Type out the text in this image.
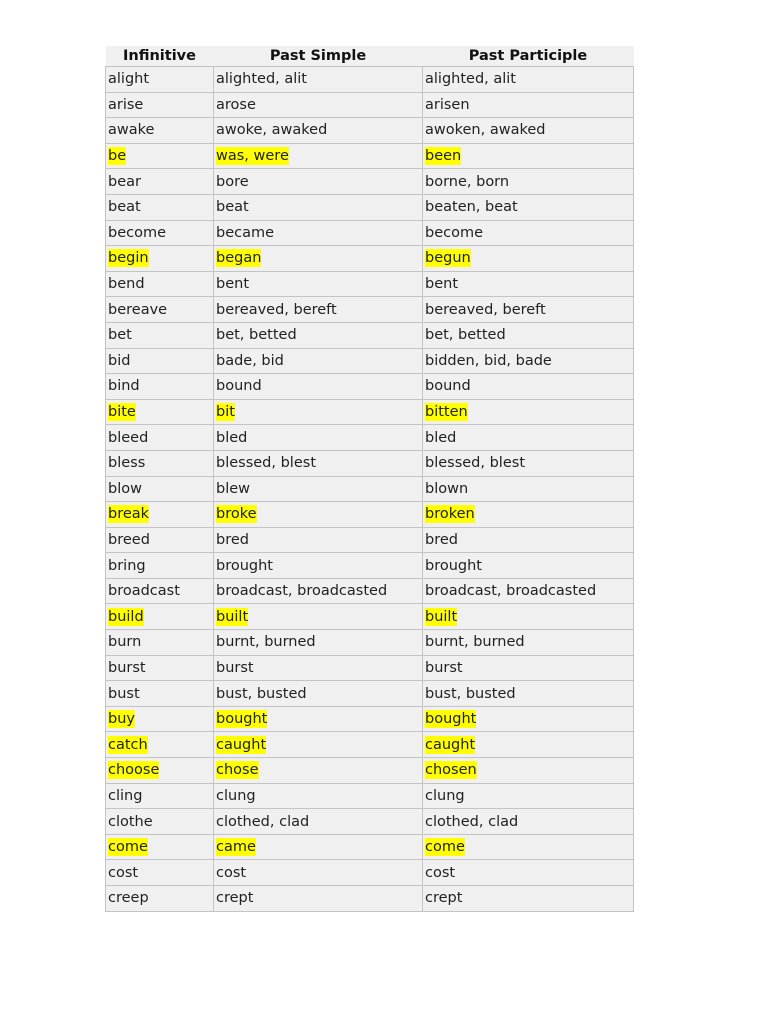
Infinitive	Past Simple	Past Participle
alight	alighted, alit	alighted, alit
arise	arose	arisen
awake	awoke, awaked	awoken, awaked
be	was, were	been
bear	bore	borne, born
beat	beat	beaten, beat
become	became	become
begin	began	begun
bend	bent	bent
bereave	bereaved, bereft	bereaved, bereft
bet	bet, betted	bet, betted
bid	bade, bid	bidden, bid, bade
bind	bound	bound
bite	bit	bitten
bleed	bled	bled
bless	blessed, blest	blessed, blest
blow	blew	blown
break	broke	broken
breed	bred	bred
bring	brought	brought
broadcast	broadcast, broadcasted	broadcast, broadcasted
build	built	built
burn	burnt, burned	burnt, burned
burst	burst	burst
bust	bust, busted	bust, busted
buy	bought	bought
catch	caught	caught
choose	chose	chosen
cling	clung	clung
clothe	clothed, clad	clothed, clad
come	came	come
cost	cost	cost
creep	crept	crept
